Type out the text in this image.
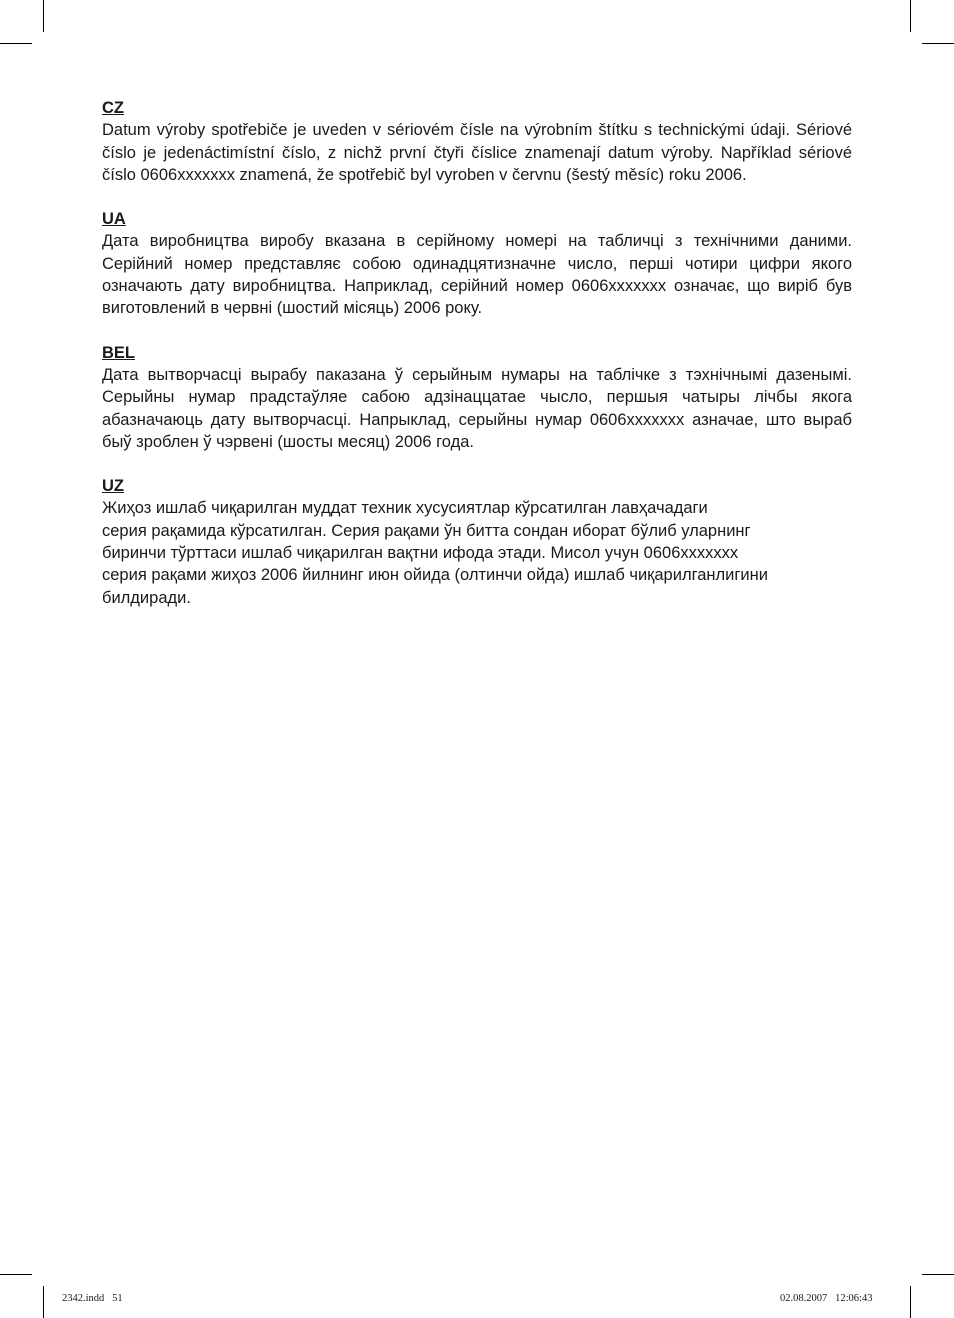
CZ

Datum výroby spotřebiče je uveden v sériovém čísle na výrobním štítku s technickými údaji. Sériové číslo je jedenáctimístní číslo, z nichž první čtyři číslice znamenají datum výroby. Například sériové číslo 0606xxxxxxx znamená, že spotřebič byl vyroben v červnu (šestý měsíc) roku 2006.

UA

Дата виробництва виробу вказана в серійному номері на табличці з технічними даними. Серійний номер представляє собою одинадцятизначне число, перші чотири цифри якого означають дату виробництва. Наприклад, серійний номер 0606xxxxxxx означає, що виріб був виготовлений в червні (шостий місяць) 2006 року.

BEL

Дата вытворчасці вырабу паказана ў серыйным нумары на таблічке з тэхнічнымі дазенымі. Серыйны нумар прадстаўляе сабою адзінаццатае чысло, першыя чатыры лічбы якога абазначаюць дату вытворчасці. Напрыклад, серыйны нумар 0606xxxxxxx азначае, што выраб быў зроблен ў чэрвені (шосты месяц) 2006 года.

UZ

Жиҳоз ишлаб чиқарилган муддат техник хусусиятлар кўрсатилган лавҳачадаги
серия рақамида кўрсатилган. Серия рақами ўн битта сондан иборат бўлиб уларнинг
биринчи тўрттаси ишлаб чиқарилган вақтни ифода этади. Мисол учун 0606xxxxxxx
серия рақами жиҳоз 2006 йилнинг июн ойида (олтинчи ойда) ишлаб чиқарилганлигини
билдиради.

2342.indd   51	02.08.2007   12:06:43
